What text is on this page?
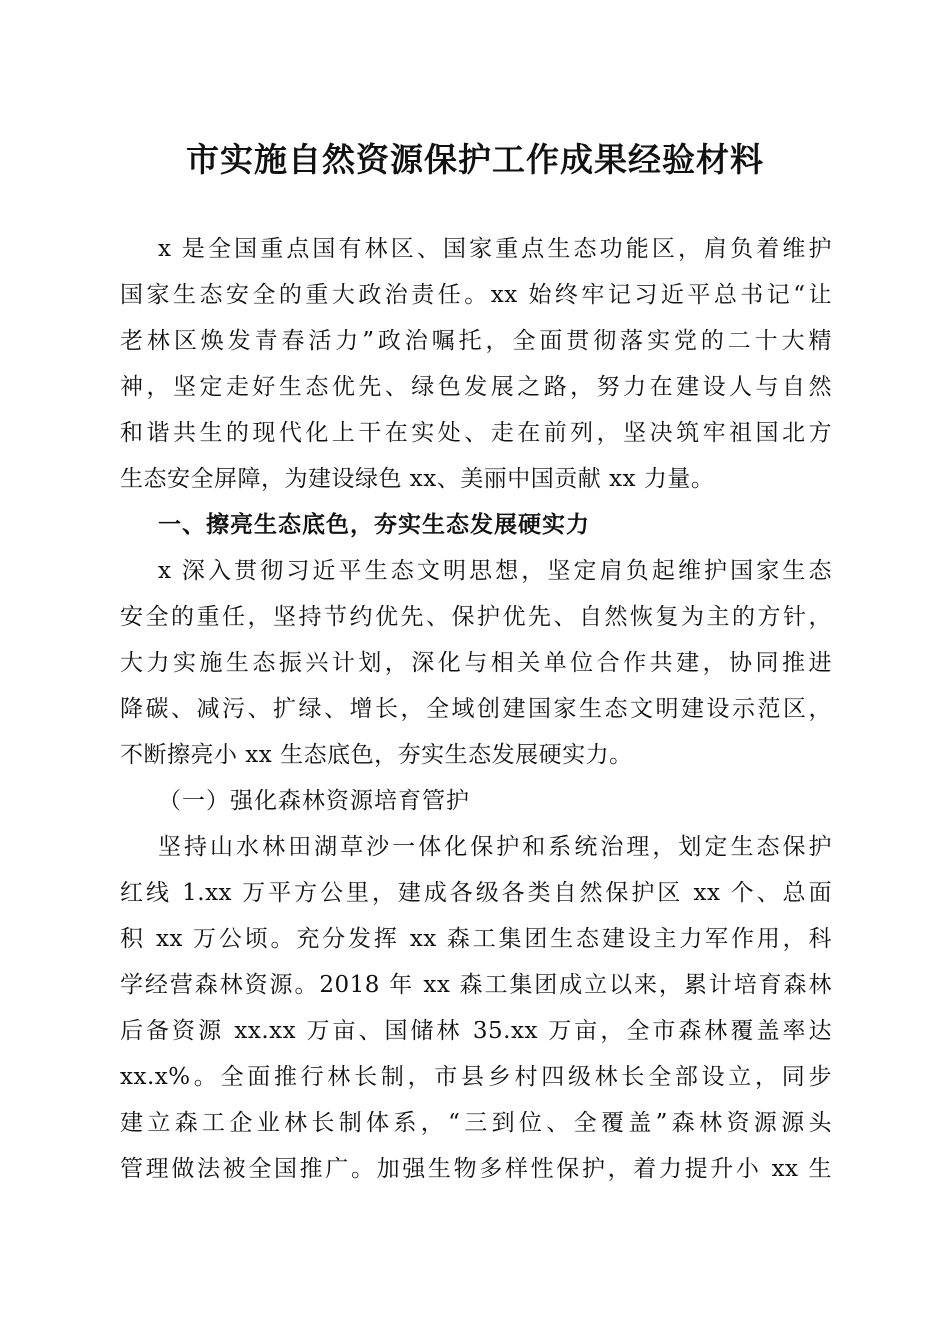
市实施自然资源保护工作成果经验材料
x 是全国重点国有林区、国家重点生态功能区，肩负着维护
国家生态安全的重大政治责任。xx 始终牢记习近平总书记“让
老林区焕发青春活力”政治嘱托，全面贯彻落实党的二十大精
神，坚定走好生态优先、绿色发展之路，努力在建设人与自然
和谐共生的现代化上干在实处、走在前列，坚决筑牢祖国北方
生态安全屏障，为建设绿色 xx、美丽中国贡献 xx 力量。
一、擦亮生态底色，夯实生态发展硬实力
x 深入贯彻习近平生态文明思想，坚定肩负起维护国家生态
安全的重任，坚持节约优先、保护优先、自然恢复为主的方针，
大力实施生态振兴计划，深化与相关单位合作共建，协同推进
降碳、减污、扩绿、增长，全域创建国家生态文明建设示范区，
不断擦亮小 xx 生态底色，夯实生态发展硬实力。
（一）强化森林资源培育管护
坚持山水林田湖草沙一体化保护和系统治理，划定生态保护
红线 1.xx 万平方公里，建成各级各类自然保护区 xx 个、总面
积 xx 万公顷。充分发挥 xx 森工集团生态建设主力军作用，科
学经营森林资源。2018 年 xx 森工集团成立以来，累计培育森林
后备资源 xx.xx 万亩、国储林 35.xx 万亩，全市森林覆盖率达
xx.x%。全面推行林长制，市县乡村四级林长全部设立，同步
建立森工企业林长制体系，“三到位、全覆盖”森林资源源头
管理做法被全国推广。加强生物多样性保护，着力提升小 xx 生
